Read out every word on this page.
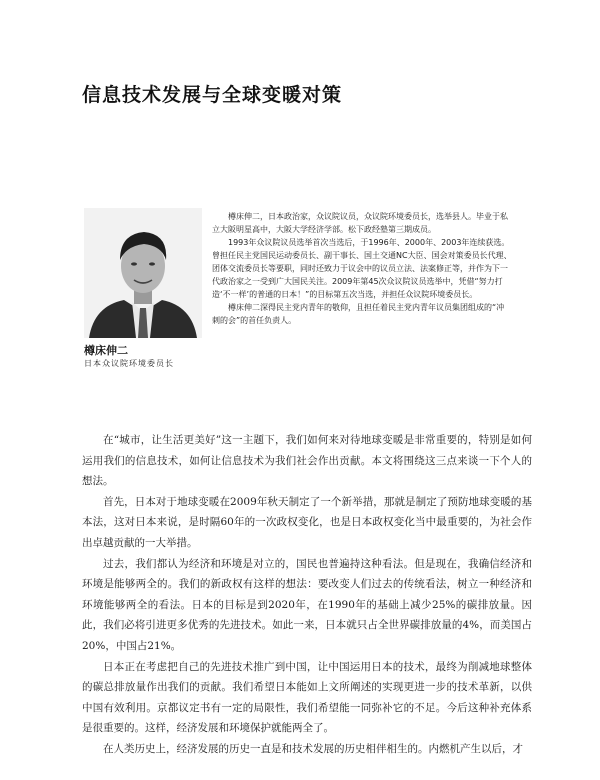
信息技术发展与全球变暖对策
樽床伸二
日本众议院环境委员长

樽床伸二，日本政治家，众议院议员，众议院环境委员长，选举县人。毕业于私立大阪明星高中，大阪大学经济学部。松下政经塾第三期成员。

1993年众议院议员选举首次当选后，于1996年、2000年、2003年连续获选。曾担任民主党国民运动委员长、副干事长、国土交通NC大臣、国会对策委员长代理、团体交流委员长等要职，同时还致力于议会中的议员立法、法案修正等，并作为下一代政治家之一受到广大国民关注。2009年第45次众议院议员选举中，凭借“努力打造‘不一样’的普通的日本！”的目标第五次当选，并担任众议院环境委员长。

樽床伸二深得民主党内青年的敬仰，且担任着民主党内青年议员集团组成的“冲刺的会”的首任负责人。

在“城市，让生活更美好”这一主题下，我们如何来对待地球变暖是非常重要的，特别是如何运用我们的信息技术，如何让信息技术为我们社会作出贡献。本文将围绕这三点来谈一下个人的想法。

首先，日本对于地球变暖在2009年秋天制定了一个新举措，那就是制定了预防地球变暖的基本法，这对日本来说，是时隔60年的一次政权变化，也是日本政权变化当中最重要的，为社会作出卓越贡献的一大举措。

过去，我们都认为经济和环境是对立的，国民也普遍持这种看法。但是现在，我确信经济和环境是能够两全的。我们的新政权有这样的想法：要改变人们过去的传统看法，树立一种经济和环境能够两全的看法。日本的目标是到2020年，在1990年的基础上减少25%的碳排放量。因此，我们必将引进更多优秀的先进技术。如此一来，日本就只占全世界碳排放量的4%，而美国占20%，中国占21%。

日本正在考虑把自己的先进技术推广到中国，让中国运用日本的技术，最终为削减地球整体的碳总排放量作出我们的贡献。我们希望日本能如上文所阐述的实现更进一步的技术革新，以供中国有效利用。京都议定书有一定的局限性，我们希望能一同弥补它的不足。今后这种补充体系是很重要的。这样，经济发展和环境保护就能两全了。

在人类历史上，经济发展的历史一直是和技术发展的历史相伴相生的。内燃机产生以后，才
